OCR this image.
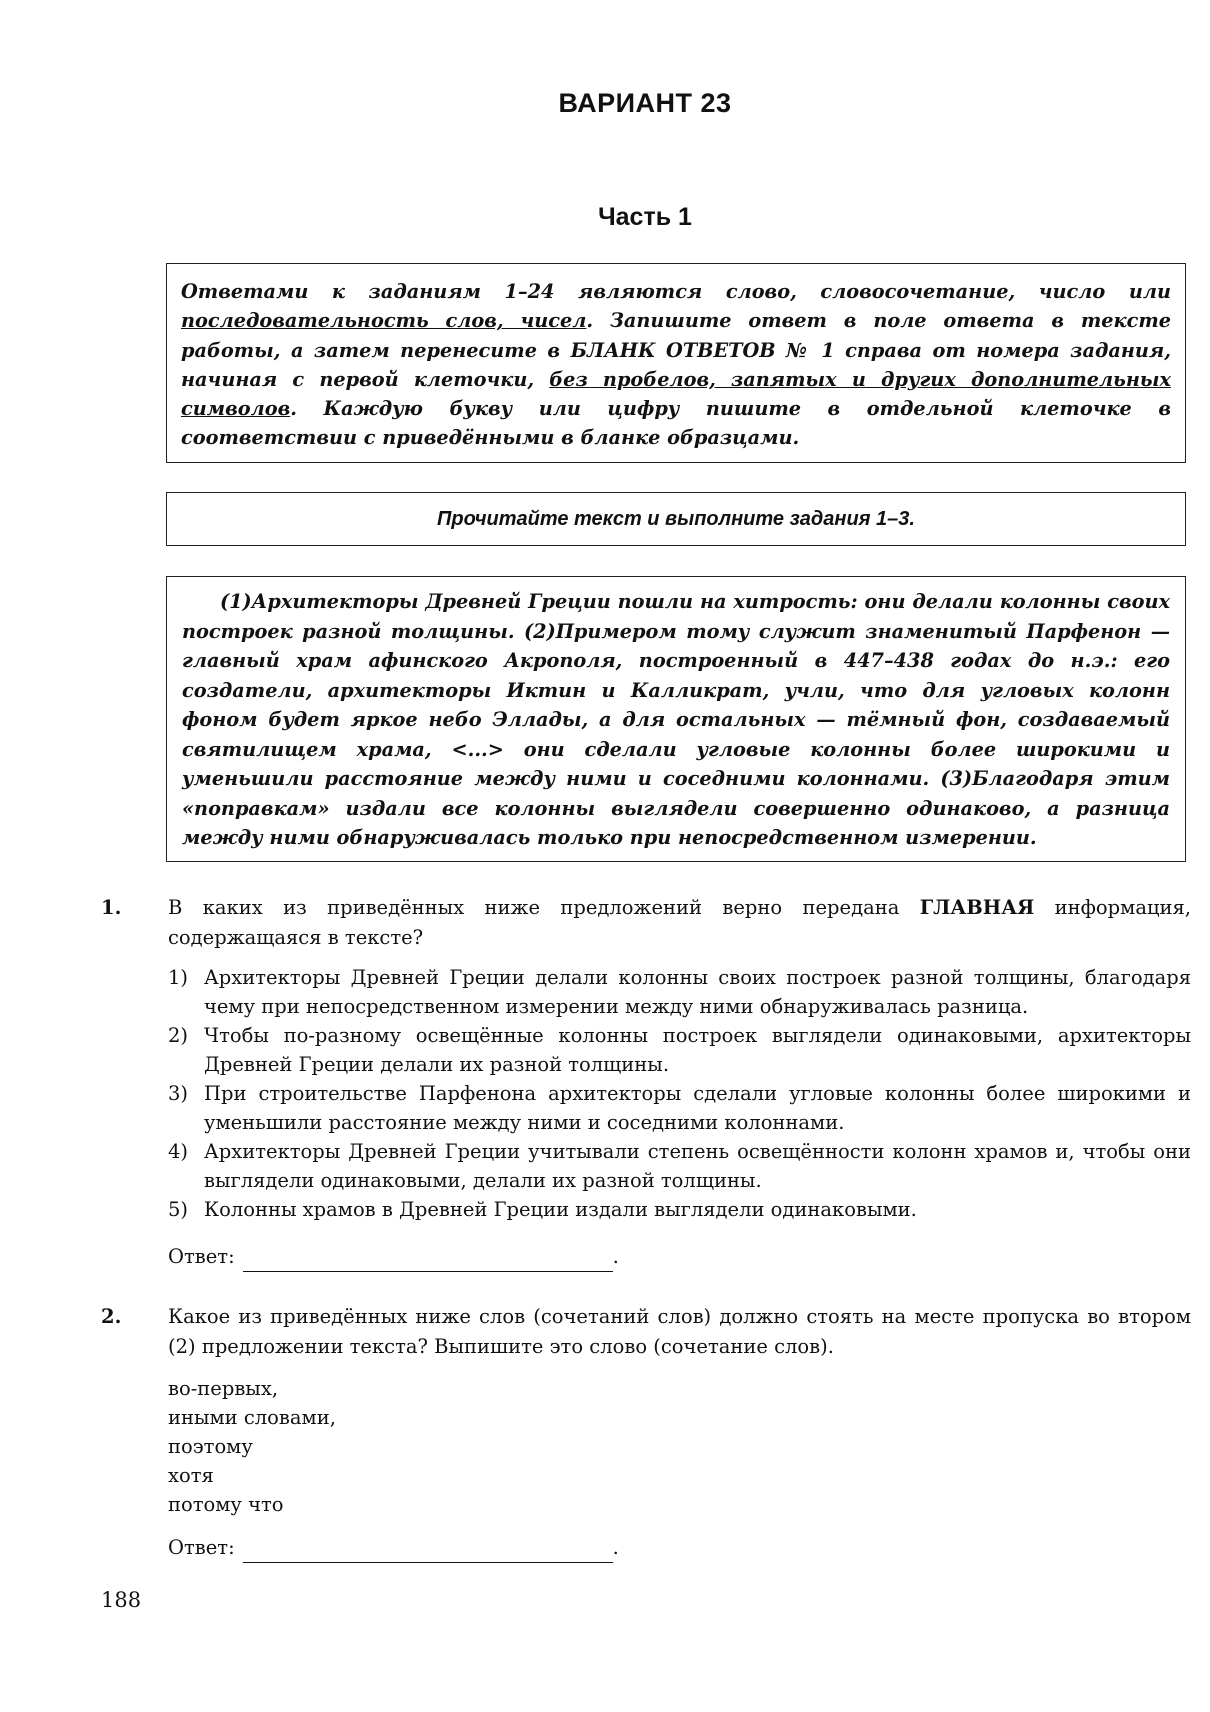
ВАРИАНТ 23
Часть 1
Ответами к заданиям 1–24 являются слово, словосочетание, число или последовательность слов, чисел. Запишите ответ в поле ответа в тексте работы, а затем перенесите в БЛАНК ОТВЕТОВ № 1 справа от номера задания, начиная с первой клеточки, без пробелов, запятых и других дополнительных символов. Каждую букву или цифру пишите в отдельной клеточке в соответствии с приведёнными в бланке образцами.
Прочитайте текст и выполните задания 1–3.

(1)Архитекторы Древней Греции пошли на хитрость: они делали колонны своих построек разной толщины. (2)Примером тому служит знаменитый Парфенон — главный храм афинского Акрополя, построенный в 447–438 годах до н.э.: его создатели, архитекторы Иктин и Калликрат, учли, что для угловых колонн фоном будет яркое небо Эллады, а для остальных — тёмный фон, создаваемый святилищем храма, <...> они сделали угловые колонны более широкими и уменьшили расстояние между ними и соседними колоннами. (3)Благодаря этим «поправкам» издали все колонны выглядели совершенно одинаково, а разница между ними обнаруживалась только при непосредственном измерении.

1. В каких из приведённых ниже предложений верно передана ГЛАВНАЯ информация, содержащаяся в тексте?

1) Архитекторы Древней Греции делали колонны своих построек разной толщины, благодаря чему при непосредственном измерении между ними обнаруживалась разница.
2) Чтобы по-разному освещённые колонны построек выглядели одинаковыми, архитекторы Древней Греции делали их разной толщины.
3) При строительстве Парфенона архитекторы сделали угловые колонны более широкими и уменьшили расстояние между ними и соседними колоннами.
4) Архитекторы Древней Греции учитывали степень освещённости колонн храмов и, чтобы они выглядели одинаковыми, делали их разной толщины.
5) Колонны храмов в Древней Греции издали выглядели одинаковыми.
Ответ:	.
2. Какое из приведённых ниже слов (сочетаний слов) должно стоять на месте пропуска во втором (2) предложении текста? Выпишите это слово (сочетание слов).

во-первых,
иными словами,
поэтому
хотя
потому что
Ответ:	.
188
